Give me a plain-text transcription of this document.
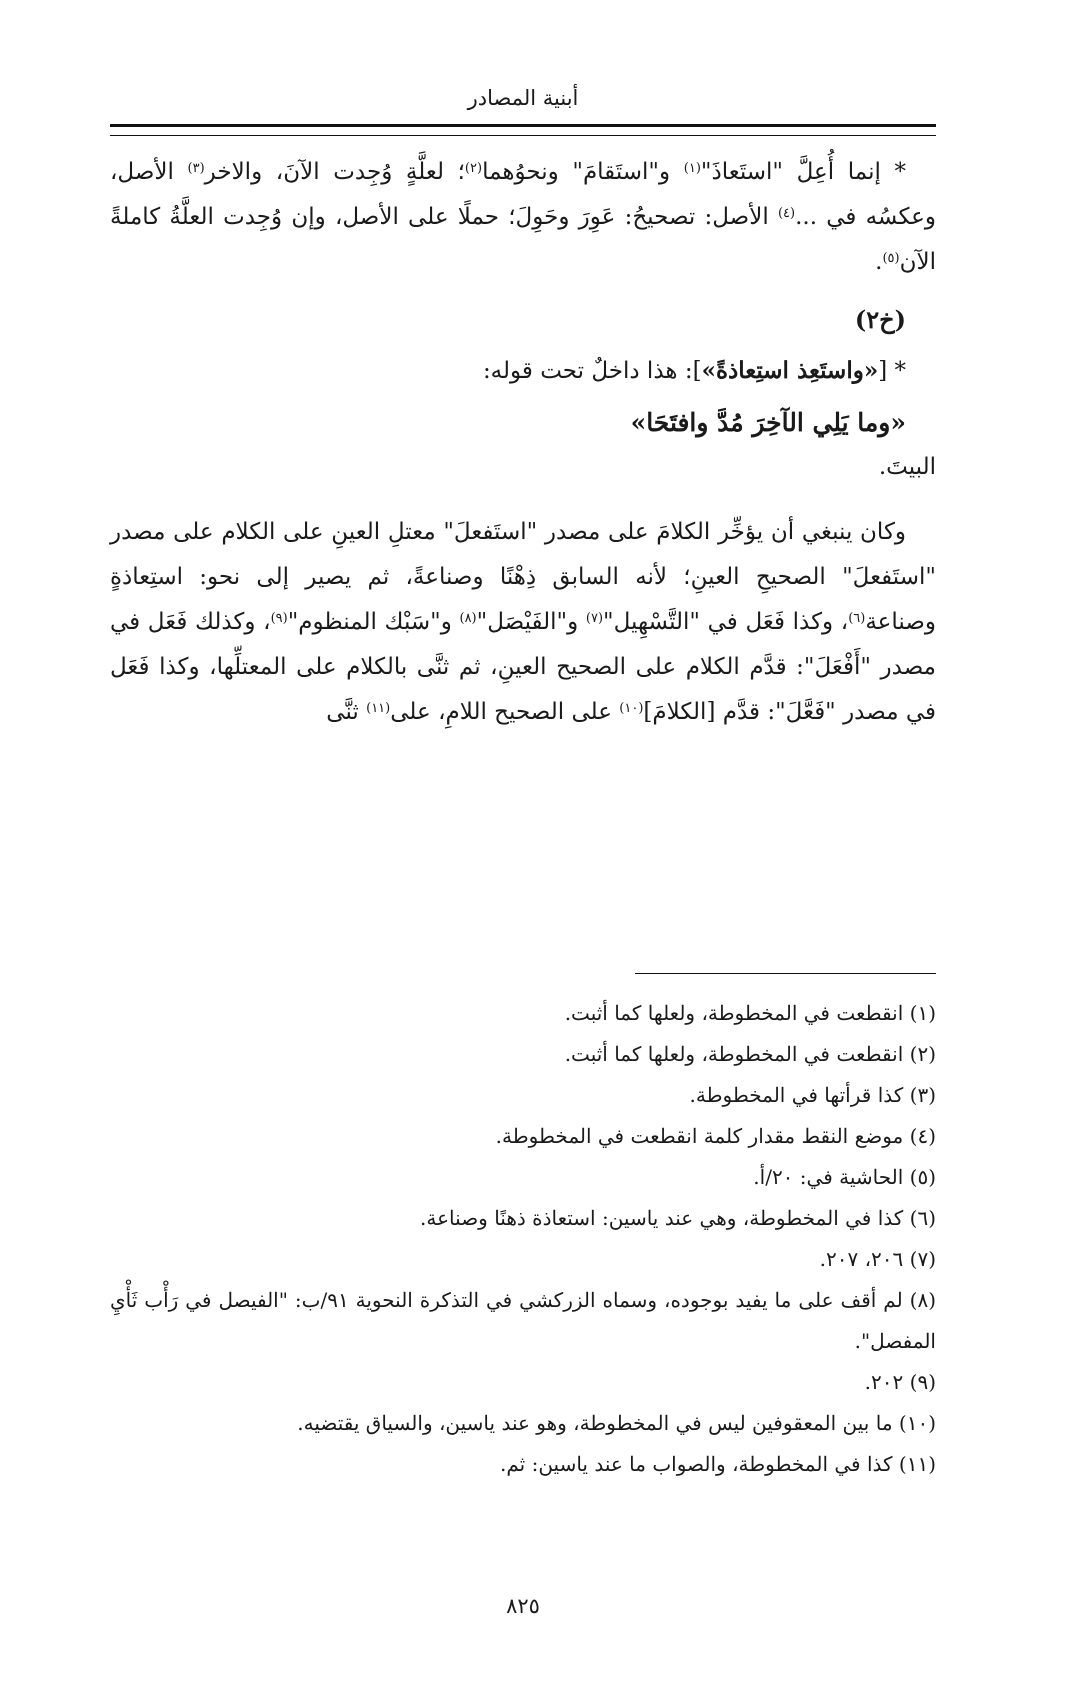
أبنية المصادر

* إنما أُعِلَّ "استَعاذَ"$^{(١)}$ و"استَقامَ" ونحوُهما$^{(٢)}$؛ لعلَّةٍ وُجِدت الآنَ، والاخر$^{(٣)}$ الأصل، وعكسُه في ...$^{(٤)}$ الأصل: تصحيحُ: عَوِرَ وحَوِلَ؛ حملًا على الأصل، وإن وُجِدت العلَّةُ كاملةً الآن$^{(٥)}$.

(خ٢)

* [«واستَعِذ استِعاذةً»]: هذا داخلٌ تحت قوله:

«وما يَلِي الآخِرَ مُدَّ وافتَحَا»

البيتَ.

وكان ينبغي أن يؤخِّر الكلامَ على مصدر "استَفعلَ" معتلِ العينِ على الكلام على مصدر "استَفعلَ" الصحيحِ العينِ؛ لأنه السابق ذِهْنًا وصناعةً، ثم يصير إلى نحو: استِعاذةٍ وصناعة$^{(٦)}$، وكذا فَعَل في "التَّسْهِيل"$^{(٧)}$ و"الفَيْصَل"$^{(٨)}$ و"سَبْك المنظوم"$^{(٩)}$، وكذلك فَعَل في مصدر "أَفْعَلَ": قدَّم الكلام على الصحيح العينِ، ثم ثنَّى بالكلام على المعتلِّها، وكذا فَعَل في مصدر "فَعَّلَ": قدَّم [الكلامَ]$^{(١٠)}$ على الصحيح اللامِ، على$^{(١١)}$ ثنَّى

(١) انقطعت في المخطوطة، ولعلها كما أثبت.

(٢) انقطعت في المخطوطة، ولعلها كما أثبت.

(٣) كذا قرأتها في المخطوطة.

(٤) موضع النقط مقدار كلمة انقطعت في المخطوطة.

(٥) الحاشية في: ٢٠/أ.

(٦) كذا في المخطوطة، وهي عند ياسين: استعاذة ذهنًا وصناعة.

(٧) ٢٠٦، ٢٠٧.

(٨) لم أقف على ما يفيد بوجوده، وسماه الزركشي في التذكرة النحوية ٩١/ب: "الفيصل في رَأْب ثَأْيِ المفصل".

(٩) ٢٠٢.

(١٠) ما بين المعقوفين ليس في المخطوطة، وهو عند ياسين، والسياق يقتضيه.

(١١) كذا في المخطوطة، والصواب ما عند ياسين: ثم.

٨٢٥
